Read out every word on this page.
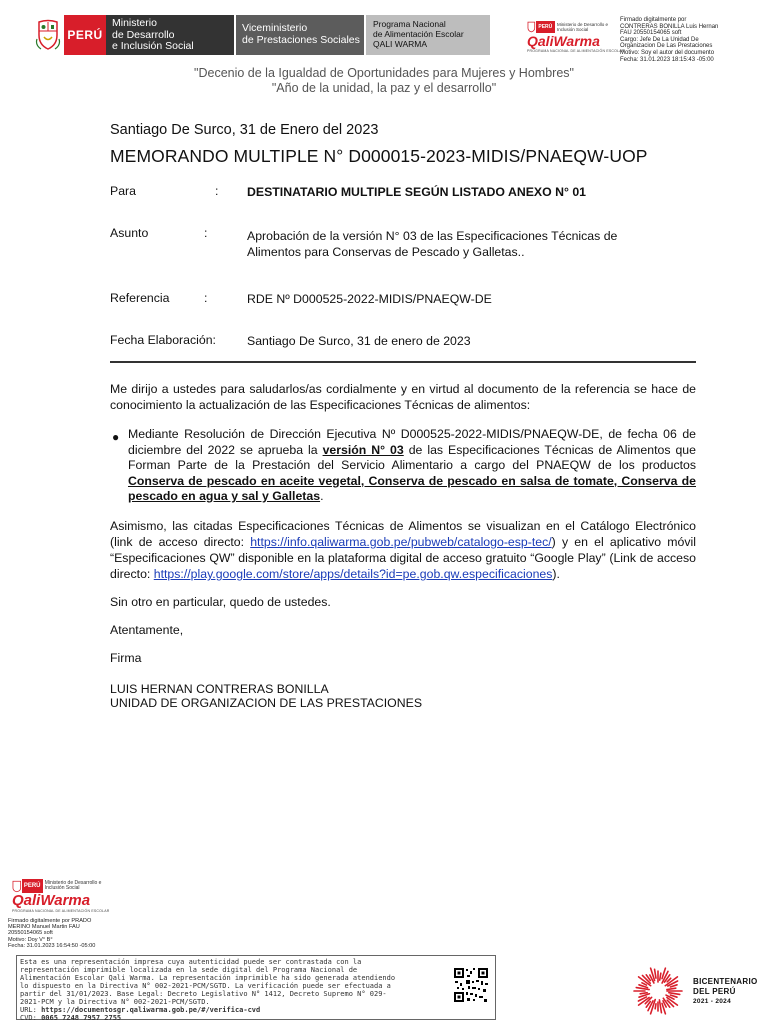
PERÚ
Ministerio
de Desarrollo
e Inclusión Social
Viceministerio
de Prestaciones Sociales
Programa Nacional
de Alimentación Escolar
QALI WARMA
PERÚ	Ministerio de Desarrollo e Inclusión Social
QaliWarma
PROGRAMA NACIONAL DE ALIMENTACIÓN ESCOLAR
Firmado digitalmente por
CONTRERAS BONILLA Luis Hernan
FAU 20550154065 soft
Cargo: Jefe De La Unidad De
Organizacion De Las Prestaciones
Motivo: Soy el autor del documento
Fecha: 31.01.2023 18:15:43 -05:00
"Decenio de la Igualdad de Oportunidades para Mujeres y Hombres"
"Año de la unidad, la paz y el desarrollo"
Santiago De Surco, 31 de Enero del 2023
MEMORANDO MULTIPLE N° D000015-2023-MIDIS/PNAEQW-UOP
Para	: DESTINATARIO MULTIPLE SEGÚN LISTADO ANEXO N° 01
Asunto	:	Aprobación de la versión N° 03 de las Especificaciones Técnicas de
Alimentos para Conservas de Pescado y Galletas..
Referencia	:	RDE Nº D000525-2022-MIDIS/PNAEQW-DE
Fecha Elaboración:	Santiago De Surco, 31 de enero de 2023
Me dirijo a ustedes para saludarlos/as cordialmente y en virtud al documento de la referencia se hace de conocimiento la actualización de las Especificaciones Técnicas de alimentos:
● Mediante Resolución de Dirección Ejecutiva Nº D000525-2022-MIDIS/PNAEQW-DE, de fecha 06 de diciembre del 2022 se aprueba la versión N° 03 de las Especificaciones Técnicas de Alimentos que Forman Parte de la Prestación del Servicio Alimentario a cargo del PNAEQW de los productos Conserva de pescado en aceite vegetal, Conserva de pescado en salsa de tomate, Conserva de pescado en agua y sal y Galletas.
Asimismo, las citadas Especificaciones Técnicas de Alimentos se visualizan en el Catálogo Electrónico (link de acceso directo: https://info.qaliwarma.gob.pe/pubweb/catalogo-esp-tec/) y en el aplicativo móvil “Especificaciones QW” disponible en la plataforma digital de acceso gratuito “Google Play” (Link de acceso directo: https://play.google.com/store/apps/details?id=pe.gob.qw.especificaciones).
Sin otro en particular, quedo de ustedes.
Atentamente,
Firma
LUIS HERNAN CONTRERAS BONILLA
UNIDAD DE ORGANIZACION DE LAS PRESTACIONES
PERÚ
Ministerio de Desarrollo e Inclusión Social
QaliWarma
PROGRAMA NACIONAL DE ALIMENTACIÓN ESCOLAR
Firmado digitalmente por PRADO
MERINO Manuel Martin FAU
20550154065 soft
Motivo: Doy V° B°
Fecha: 31.01.2023 16:54:50 -05:00
Esta es una representación impresa cuya autenticidad puede ser contrastada con la
representación imprimible localizada en la sede digital del Programa Nacional de
Alimentación Escolar Qali Warma. La representación imprimible ha sido generada atendiendo
lo dispuesto en la Directiva N° 002-2021-PCM/SGTD. La verificación puede ser efectuada a
partir del 31/01/2023. Base Legal: Decreto Legislativo N° 1412, Decreto Supremo N° 029-
2021-PCM y la Directiva N° 002-2021-PCM/SGTD.
URL: https://documentosgr.qaliwarma.gob.pe/#/verifica-cvd
CVD: 0065 7248 7957 2755
BICENTENARIO
DEL PERÚ
2021 - 2024
